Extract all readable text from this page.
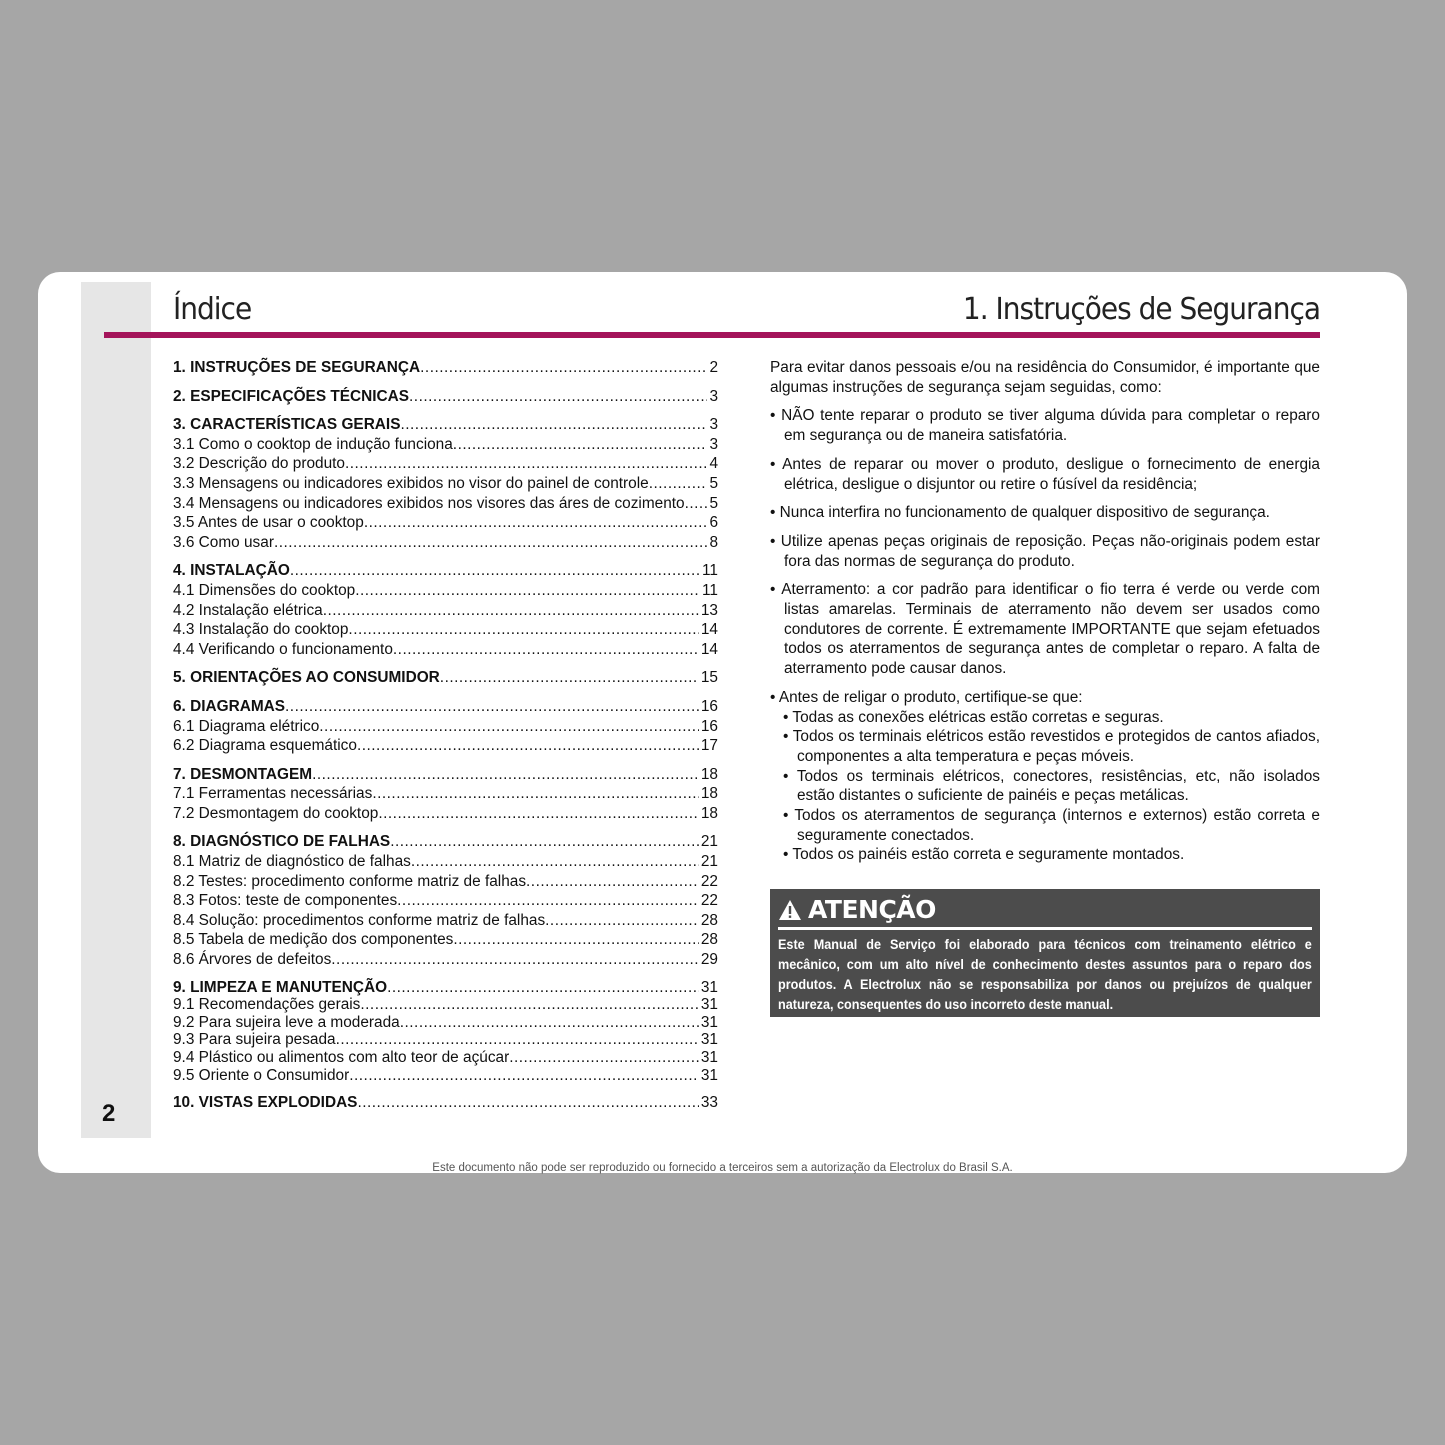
2
Índice	1. Instruções de Segurança
1. INSTRUÇÕES DE SEGURANÇA .....	2
2. ESPECIFICAÇÕES TÉCNICAS .....	3
3. CARACTERÍSTICAS GERAIS .....	3
3.1 Como o cooktop de indução funciona .....	3
3.2 Descrição do produto .....	4
3.3 Mensagens ou indicadores exibidos no visor do painel de controle .....	5
3.4 Mensagens ou indicadores exibidos nos visores das áres de cozimento ..... 5
3.5 Antes de usar o cooktop .....	6
3.6 Como usar .....	8
4. INSTALAÇÃO .....	11
4.1 Dimensões do cooktop .....	11
4.2 Instalação elétrica .....	13
4.3 Instalação do cooktop .....	14
4.4 Verificando o funcionamento .....	14
5. ORIENTAÇÕES AO CONSUMIDOR .....	15
6. DIAGRAMAS .....	16
6.1 Diagrama elétrico .....	16
6.2 Diagrama esquemático .....	17
7. DESMONTAGEM .....	18
7.1 Ferramentas necessárias .....	18
7.2 Desmontagem do cooktop .....	18
8. DIAGNÓSTICO DE FALHAS .....	21
8.1 Matriz de diagnóstico de falhas .....	21
8.2 Testes: procedimento conforme matriz de falhas .....	22
8.3 Fotos: teste de componentes .....	22
8.4 Solução: procedimentos conforme matriz de falhas .....	28
8.5 Tabela de medição dos componentes .....	28
8.6 Árvores de defeitos .....	29
9. LIMPEZA E MANUTENÇÃO .....	31
9.1 Recomendações gerais .....	31
9.2 Para sujeira leve a moderada .....	31
9.3 Para sujeira pesada .....	31
9.4 Plástico ou alimentos com alto teor de açúcar .....	31
9.5 Oriente o Consumidor .....	31
10. VISTAS EXPLODIDAS .....	33

Para evitar danos pessoais e/ou na residência do Consumidor, é importante que algumas instruções de segurança sejam seguidas, como:

• NÃO tente reparar o produto se tiver alguma dúvida para completar o reparo em segurança ou de maneira satisfatória.

• Antes de reparar ou mover o produto, desligue o fornecimento de energia elétrica, desligue o disjuntor ou retire o fúsível da residência;

• Nunca interfira no funcionamento de qualquer dispositivo de segurança.

• Utilize apenas peças originais de reposição. Peças não-originais podem estar fora das normas de segurança do produto.

• Aterramento: a cor padrão para identificar o fio terra é verde ou verde com listas amarelas. Terminais de aterramento não devem ser usados como condutores de corrente. É extremamente IMPORTANTE que sejam efetuados todos os aterramentos de segurança antes de completar o reparo. A falta de aterramento pode causar danos.

• Antes de religar o produto, certifique-se que:

• Todas as conexões elétricas estão corretas e seguras.

• Todos os terminais elétricos estão revestidos e protegidos de cantos afiados, componentes a alta temperatura e peças móveis.

• Todos os terminais elétricos, conectores, resistências, etc, não isolados estão distantes o suficiente de painéis e peças metálicas.

• Todos os aterramentos de segurança (internos e externos) estão correta e seguramente conectados.

• Todos os painéis estão correta e seguramente montados.

ATENÇÃO
Este Manual de Serviço foi elaborado para técnicos com treinamento elétrico e mecânico, com um alto nível de conhecimento destes assuntos para o reparo dos produtos. A Electrolux não se responsabiliza por danos ou prejuízos de qualquer natureza, consequentes do uso incorreto deste manual.
Este documento não pode ser reproduzido ou fornecido a terceiros sem a autorização da Electrolux do Brasil S.A.
